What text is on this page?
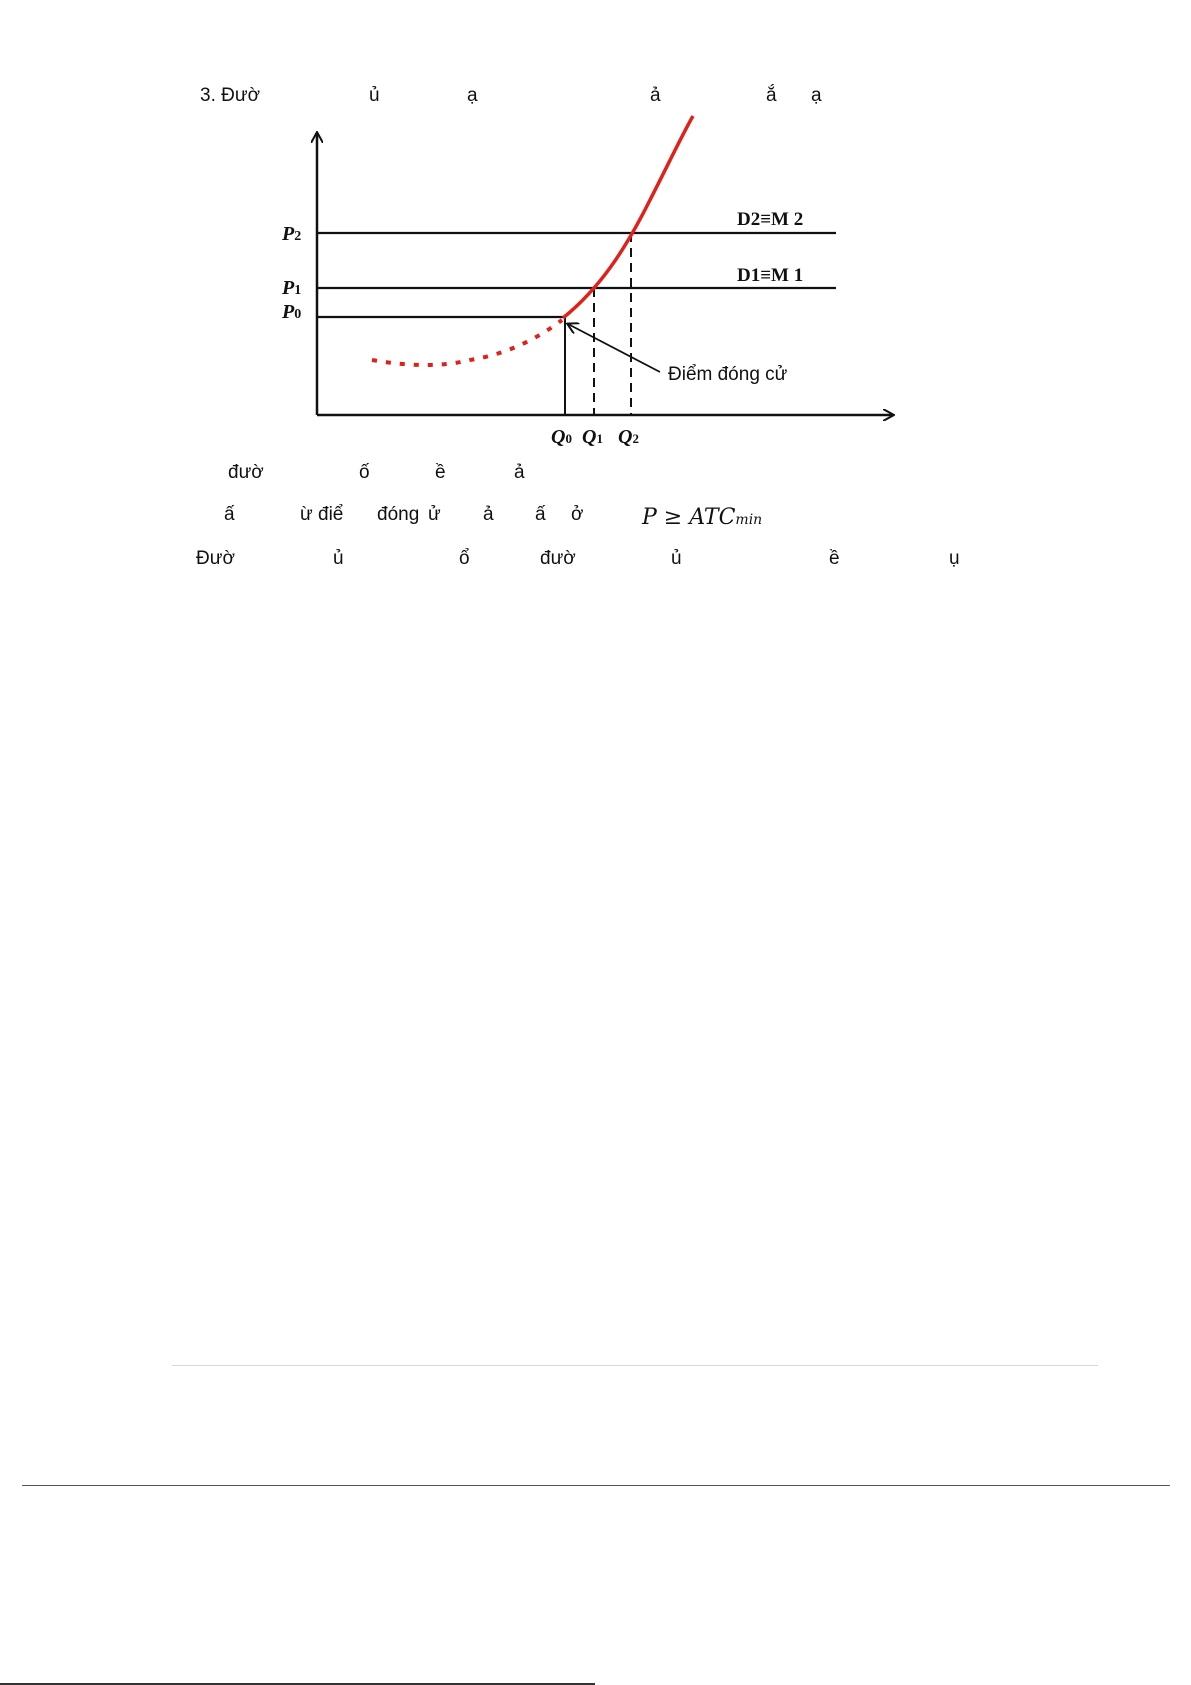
3. Đườ	ủ	ạ	ả	ắ ạ
Điểm đóng cử
P2
P1
P0
Q0 Q1 Q2
D2≡M 2
D1≡M 1
đườ	ố	ề	ả
ấ	ừ điể đóng ử ả ấ ở	P ≥ ATCmin
Đườ	ủ	ổ	đườ	ủ	ề	ụ
